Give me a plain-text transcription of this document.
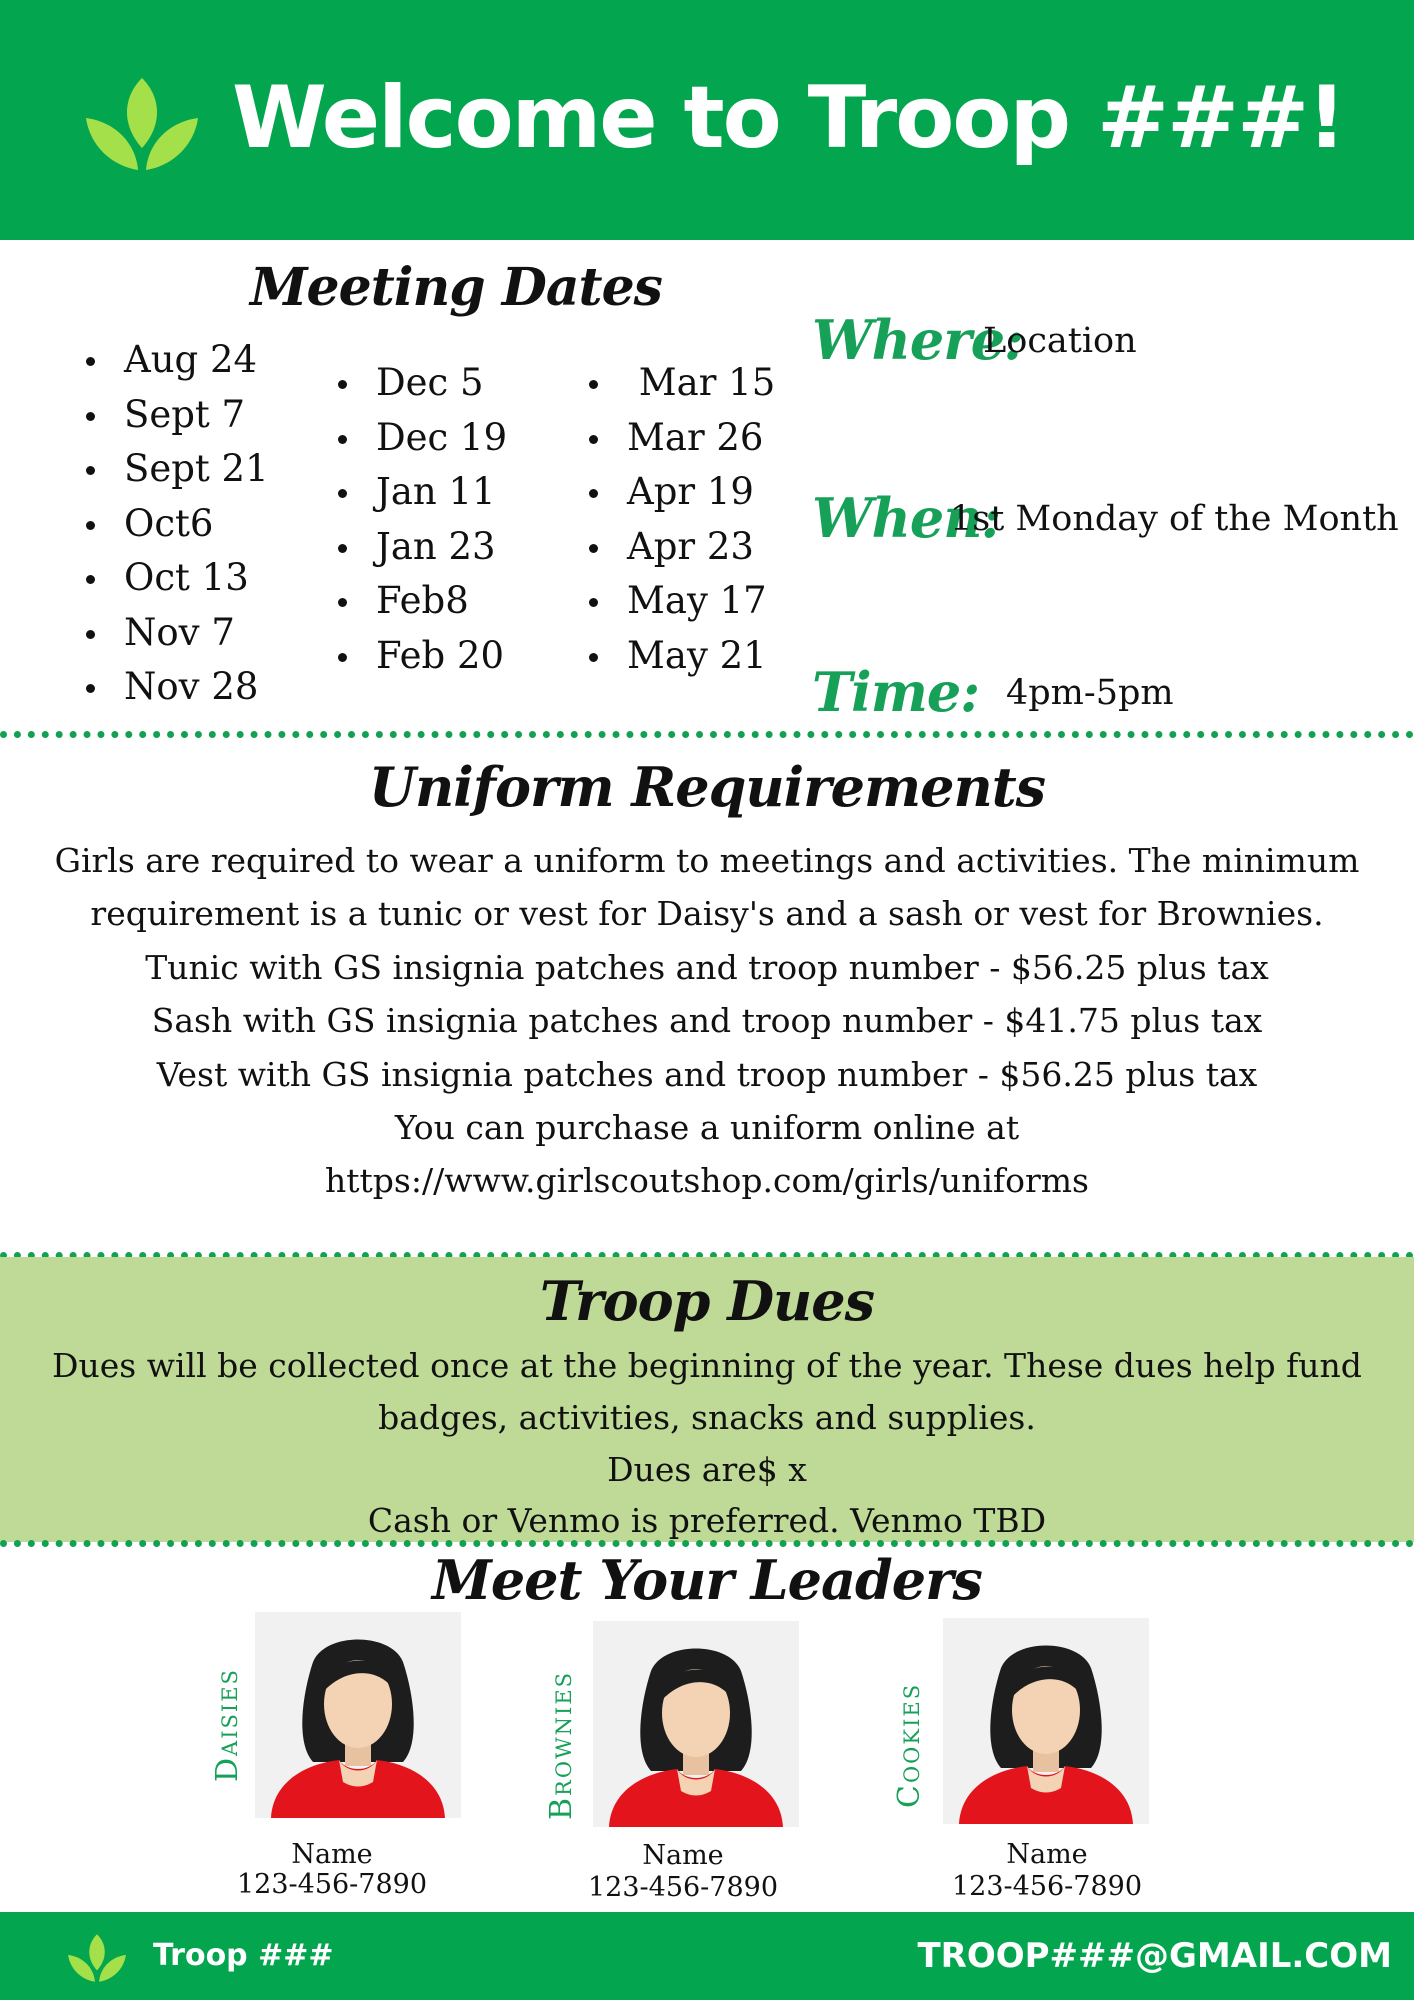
Welcome to Troop ###!
Meeting Dates
Aug 24
Sept 7
Sept 21
Oct6
Oct 13
Nov 7
Nov 28
Dec 5
Dec 19
Jan 11
Jan 23
Feb8
Feb 20
Mar 15
Mar 26
Apr 19
Apr 23
May 17
May 21
Where:
Location
When:
1st Monday of the Month
Time: 4pm-5pm
Uniform Requirements
Girls are required to wear a uniform to meetings and activities. The minimum
requirement is a tunic or vest for Daisy's and a sash or vest for Brownies.
Tunic with GS insignia patches and troop number - $56.25 plus tax
Sash with GS insignia patches and troop number - $41.75 plus tax
Vest with GS insignia patches and troop number - $56.25 plus tax
You can purchase a uniform online at
https://www.girlscoutshop.com/girls/uniforms
Troop Dues
Dues will be collected once at the beginning of the year. These dues help fund
badges, activities, snacks and supplies.
Dues are$ x
Cash or Venmo is preferred. Venmo TBD
Meet Your Leaders
Daisies
Name
123-456-7890
Brownies
Name
123-456-7890
Cookies
Name
123-456-7890
Troop ###	TROOP###@GMAIL.COM
